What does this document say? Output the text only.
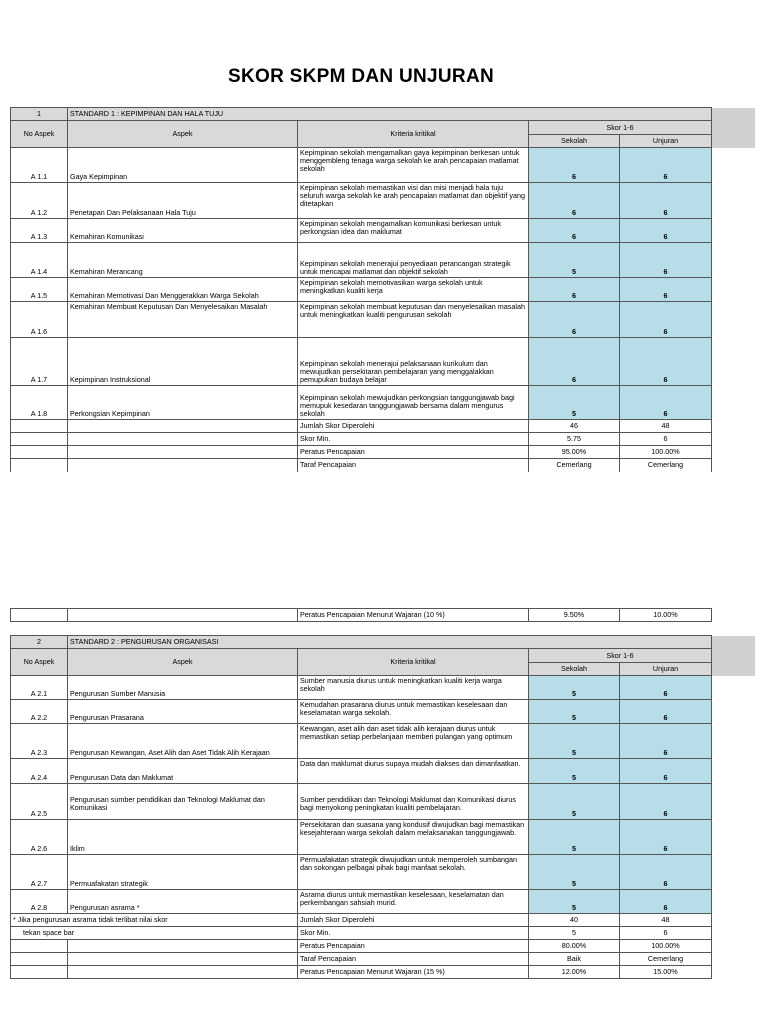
SKOR SKPM DAN UNJURAN
1	STANDARD 1 : KEPIMPINAN DAN HALA TUJU				
No Aspek	Aspek	Kriteria kritikal	Skor 1-6		
			Sekolah	Unjuran	
A 1.1	Gaya Kepimpinan	Kepimpinan sekolah mengamalkan gaya kepimpinan berkesan untuk menggembleng tenaga warga sekolah ke arah pencapaian matlamat sekolah	6	6	
A 1.2	Penetapan Dan Pelaksanaan Hala Tuju	Kepimpinan sekolah memastikan visi dan misi menjadi hala tuju seluruh warga sekolah ke arah pencapaian matlamat dan objektif yang ditetapkan	6	6	
A 1.3	Kemahiran Komunikasi	Kepimpinan sekolah mengamalkan komunikasi berkesan untuk perkongsian idea dan maklumat	6	6	
A 1.4	Kemahiran Merancang	Kepimpinan sekolah menerajui penyediaan perancangan strategik untuk mencapai matlamat dan objektif sekolah	5	6	
A 1.5	Kemahiran Memotivasi Dan Menggerakkan Warga Sekolah	Kepimpinan sekolah memotivasikan warga sekolah untuk meningkatkan kualiti kerja	6	6	
A 1.6	Kemahiran Membuat Keputusan Dan Menyelesaikan Masalah	Kepimpinan sekolah membuat keputusan dan menyelesaikan masalah untuk meningkatkan kualiti pengurusan sekolah	6	6	
A 1.7	Kepimpinan Instruksional	Kepimpinan sekolah menerajui pelaksanaan kurikulum dan mewujudkan persekitaran pembelajaran yang menggalakkan pemupukan budaya belajar	6	6	
A 1.8	Perkongsian Kepimpinan	Kepimpinan sekolah mewujudkan perkongsian tanggungjawab bagi memupuk kesedaran tanggungjawab bersama dalam mengurus sekolah	5	6	
		Jumlah Skor Diperolehi	46	48	
		Skor Min.	5.75	6	
		Peratus Pencapaian	95.00%	100.00%	
		Taraf Pencapaian	Cemerlang	Cemerlang	
		Peratus Pencapaian Menurut Wajaran (10 %)	9.50%	10.00%
2	STANDARD 2 : PENGURUSAN ORGANISASI				
No Aspek	Aspek	Kriteria kritikal	Skor 1-6		
			Sekolah	Unjuran	
A 2.1	Pengurusan Sumber Manusia	Sumber manusia diurus untuk meningkatkan kualiti kerja warga sekolah	5	6	
A 2.2	Pengurusan Prasarana	Kemudahan prasarana diurus untuk memastikan keselesaan dan keselamatan warga sekolah.	5	6	
A 2.3	Pengurusan Kewangan, Aset Alih dan Aset Tidak Alih Kerajaan	Kewangan, aset alih dan aset tidak alih kerajaan diurus untuk memastikan setiap perbelanjaan memberi pulangan yang optimum	5	6	
A 2.4	Pengurusan Data dan Maklumat	Data dan maklumat diurus supaya mudah diakses dan dimanfaatkan.	5	6	
A 2.5	Pengurusan sumber pendidikan dan Teknologi Maklumat dan Komunikasi	Sumber pendidikan dan Teknologi Maklumat dan Komunikasi diurus bagi menyokong peningkatan kualiti pembelajaran.	5	6	
A 2.6	Iklim	Persekitaran dan suasana yang kondusif diwujudkan bagi memastikan kesejahteraan warga sekolah dalam melaksanakan tanggungjawab.	5	6	
A 2.7	Permuafakatan strategik	Permuafakatan strategik diwujudkan untuk memperoleh sumbangan dan sokongan pelbagai pihak bagi manfaat sekolah.	5	6	
A 2.8	Pengurusan asrama *	Asrama diurus untuk memastikan keselesaan, keselamatan dan perkembangan sahsiah murid.	5	6	
* Jika pengurusan asrama tidak terlibat nilai skor		Jumlah Skor Diperolehi	40	48	
tekan space bar		Skor Min.	5	6	
		Peratus Pencapaian	80.00%	100.00%	
		Taraf Pencapaian	Baik	Cemerlang	
		Peratus Pencapaian Menurut Wajaran (15 %)	12.00%	15.00%	
